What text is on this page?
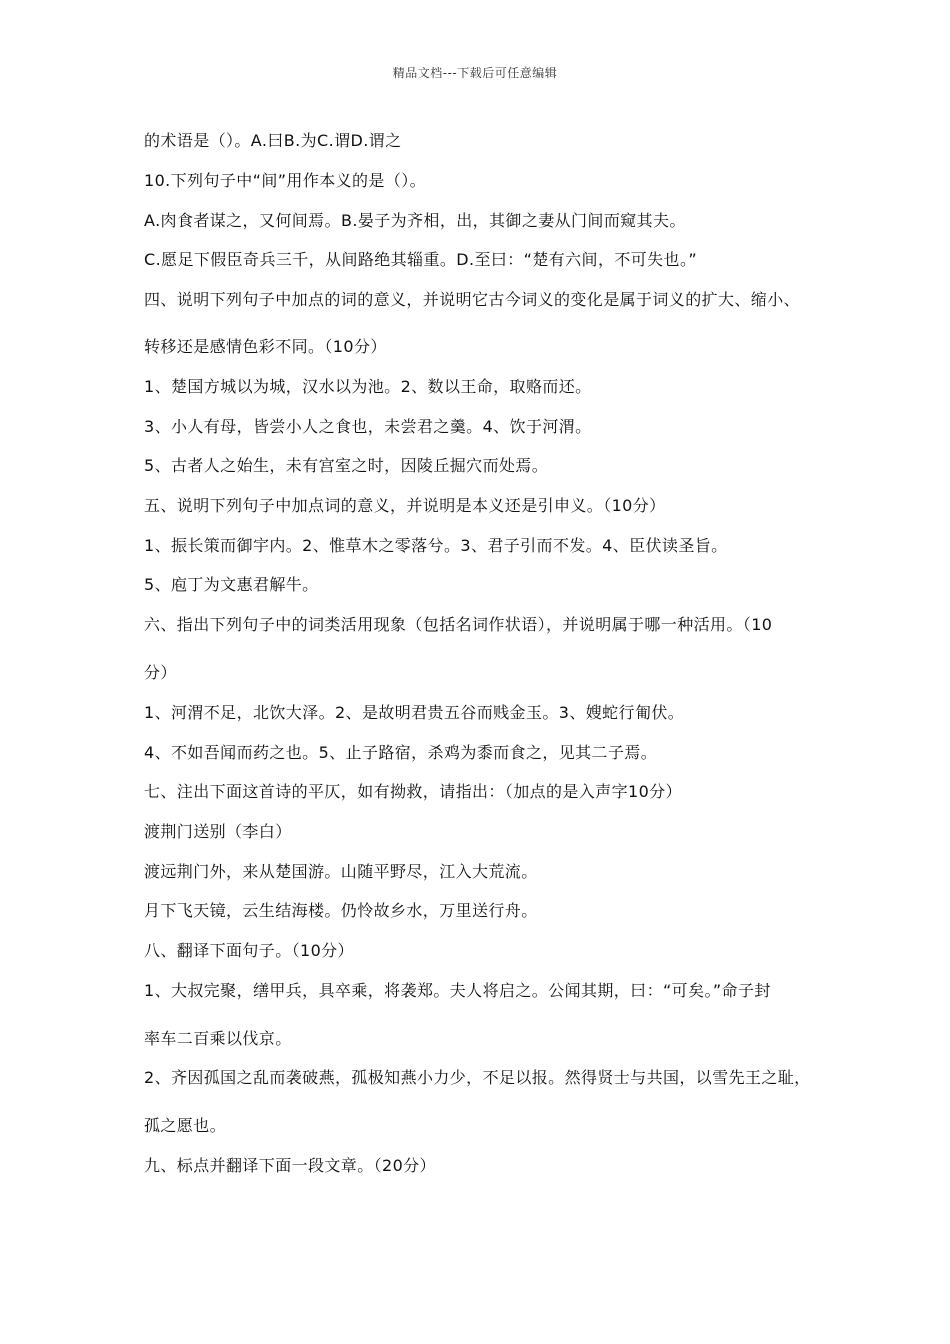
精品文档---下载后可任意编辑
的术语是（）。A.曰B.为C.谓D.谓之
10.下列句子中“间”用作本义的是（）。
A.肉食者谋之，又何间焉。B.晏子为齐相，出，其御之妻从门间而窥其夫。
C.愿足下假臣奇兵三千，从间路绝其辎重。D.至曰：“楚有六间，不可失也。”
四、说明下列句子中加点的词的意义，并说明它古今词义的变化是属于词义的扩大、缩小、
转移还是感情色彩不同。（10分）
1、楚国方城以为城，汉水以为池。2、数以王命，取赂而还。
3、小人有母，皆尝小人之食也，未尝君之羹。4、饮于河渭。
5、古者人之始生，未有宫室之时，因陵丘掘穴而处焉。
五、说明下列句子中加点词的意义，并说明是本义还是引申义。（10分）
1、振长策而御宇内。2、惟草木之零落兮。3、君子引而不发。4、臣伏读圣旨。
5、庖丁为文惠君解牛。
六、指出下列句子中的词类活用现象（包括名词作状语），并说明属于哪一种活用。（10
分）
1、河渭不足，北饮大泽。2、是故明君贵五谷而贱金玉。3、嫂蛇行匍伏。
4、不如吾闻而药之也。5、止子路宿，杀鸡为黍而食之，见其二子焉。
七、注出下面这首诗的平仄，如有拗救，请指出：（加点的是入声字10分）
渡荆门送别（李白）
渡远荆门外，来从楚国游。山随平野尽，江入大荒流。
月下飞天镜，云生结海楼。仍怜故乡水，万里送行舟。
八、翻译下面句子。（10分）
1、大叔完聚，缮甲兵，具卒乘，将袭郑。夫人将启之。公闻其期，曰：“可矣。”命子封
率车二百乘以伐京。
2、齐因孤国之乱而袭破燕，孤极知燕小力少，不足以报。然得贤士与共国，以雪先王之耻，
孤之愿也。
九、标点并翻译下面一段文章。（20分）
